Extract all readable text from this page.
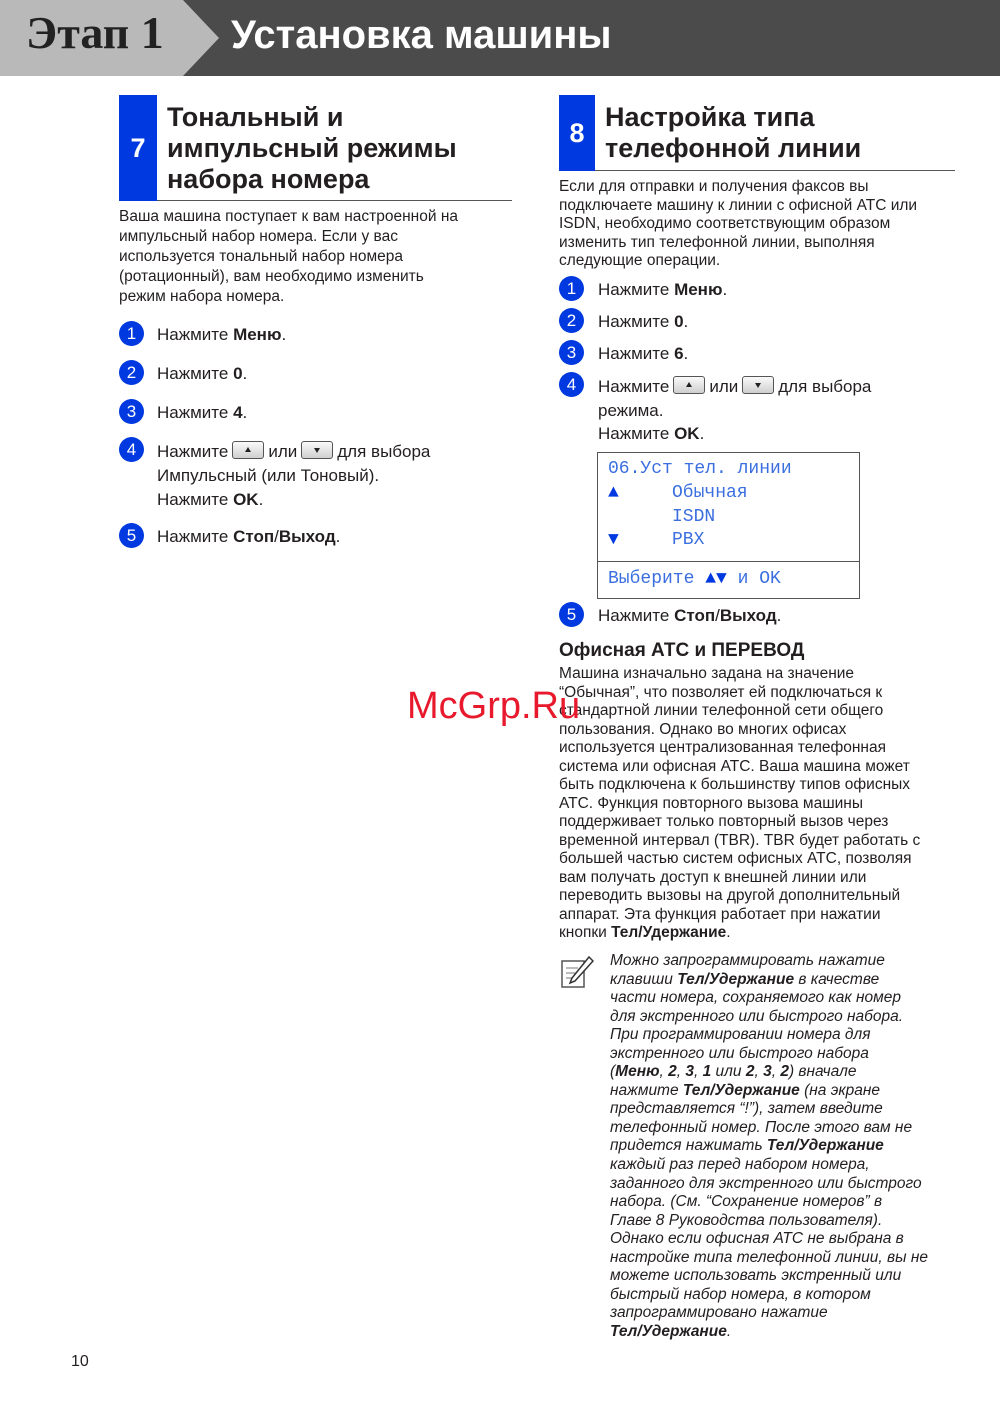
Этап 1 Установка машины
7
Тональный и
импульсный режимы
набора номера
Ваша машина поступает к вам настроенной на
импульсный набор номера. Если у вас
используется тональный набор номера
(ротационный), вам необходимо изменить
режим набора номера.
1	Нажмите Меню.
2	Нажмите 0.
3	Нажмите 4.
4	Нажмите или для выбора
Импульсный (или Тоновый).
Нажмите OK.
5	Нажмите Стоп/Выход.
8
Настройка типа
телефонной линии
Если для отправки и получения факсов вы
подключаете машину к линии с офисной АТС или
ISDN, необходимо соответствующим образом
изменить тип телефонной линии, выполняя
следующие операции.
1	Нажмите Меню.
2	Нажмите 0.
3	Нажмите 6.
4	Нажмите или для выбора
режима.
Нажмите OK.
06.Уст тел. линии
▲	Обычная
ISDN
▼	PBX
Выберите ▲▼ и OK
5	Нажмите Стоп/Выход.
Офисная АТС и ПЕРЕВОД
Машина изначально задана на значение
“Обычная”, что позволяет ей подключаться к
стандартной линии телефонной сети общего
пользования. Однако во многих офисах
используется централизованная телефонная
система или офисная АТС. Ваша машина может
быть подключена к большинству типов офисных
АТС. Функция повторного вызова машины
поддерживает только повторный вызов через
временной интервал (TBR). TBR будет работать с
большей частью систем офисных АТС, позволяя
вам получать доступ к внешней линии или
переводить вызовы на другой дополнительный
аппарат. Эта функция работает при нажатии
кнопки Тел/Удержание.
Можно запрограммировать нажатие
клавиши Тел/Удержание в качестве
части номера, сохраняемого как номер
для экстренного или быстрого набора.
При программировании номера для
экстренного или быстрого набора
(Меню, 2, 3, 1 или 2, 3, 2) вначале
нажмите Тел/Удержание (на экране
представляется “!”), затем введите
телефонный номер. После этого вам не
придется нажимать Тел/Удержание
каждый раз перед набором номера,
заданного для экстренного или быстрого
набора. (См. “Сохранение номеров” в
Главе 8 Руководства пользователя).
Однако если офисная АТС не выбрана в
настройке типа телефонной линии, вы не
можете использовать экстренный или
быстрый набор номера, в котором
запрограммировано нажатие
Тел/Удержание.
McGrp.Ru
10
